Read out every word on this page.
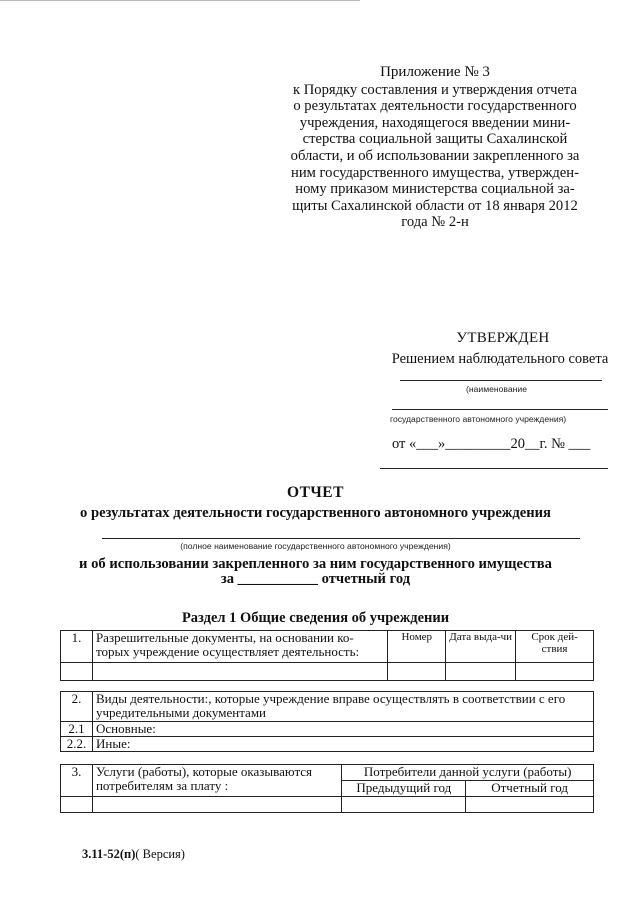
Приложение № 3
к Порядку составления и утверждения отчета
о результатах деятельности государственного
учреждения, находящегося введении мини-
стерства социальной защиты Сахалинской
области, и об использовании закрепленного за
ним государственного имущества, утвержден-
ному приказом министерства социальной за-
щиты Сахалинской области от 18 января 2012
года № 2-н
УТВЕРЖДЕН
Решением наблюдательного совета
(наименование
государственного автономного учреждения)
от «___»_________20__г. № ___
ОТЧЕТ
о результатах деятельности государственного автономного учреждения
(полное наименование государственного автономного учреждения)
и об использовании закрепленного за ним государственного имущества
за ___________ отчетный год
Раздел 1 Общие сведения об учреждении
1.	Разрешительные документы, на основании ко-торых учреждение осуществляет деятельность:	Номер	Дата выда-чи	Срок дей-ствия

2.	Виды деятельности:, которые учреждение вправе осуществлять в соответствии с его учредительными документами
2.1	Основные:
2.2.	Иные:
3.	Услуги (работы), которые оказываются потребителям за плату :	Потребители данной услуги (работы)	
		Предыдущий год	Отчетный год

3.11-52(п)( Версия)
